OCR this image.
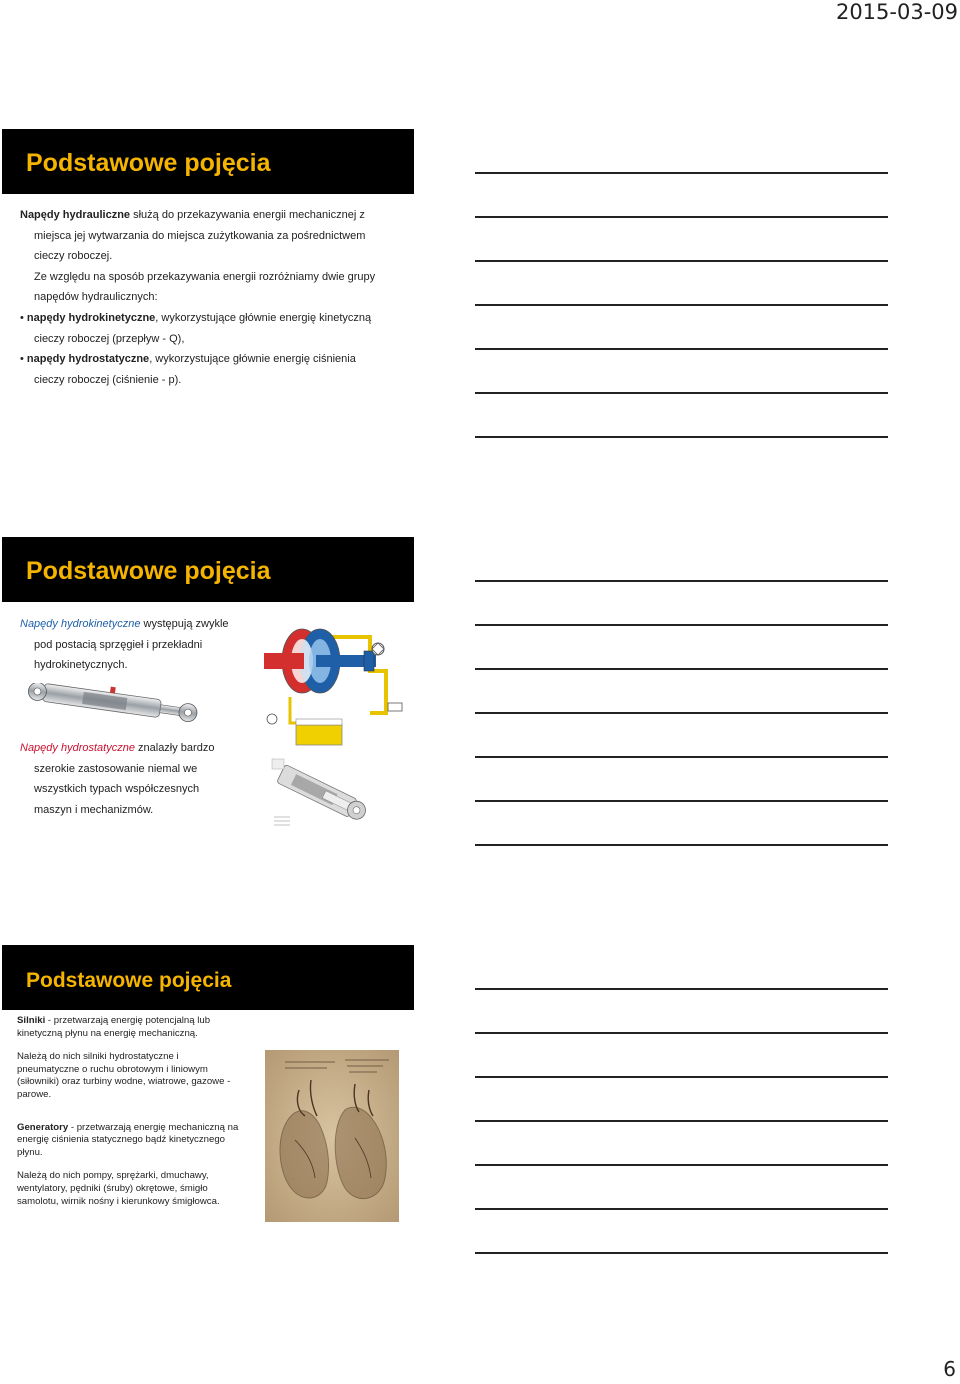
2015-03-09
Podstawowe pojęcia
Napędy hydrauliczne służą do przekazywania energii mechanicznej z
miejsca jej wytwarzania do miejsca zużytkowania za pośrednictwem
cieczy roboczej.
Ze względu na sposób przekazywania energii rozróżniamy dwie grupy
napędów hydraulicznych:
• napędy hydrokinetyczne, wykorzystujące głównie energię kinetyczną
cieczy roboczej (przepływ - Q),
• napędy hydrostatyczne, wykorzystujące głównie energię ciśnienia
cieczy roboczej (ciśnienie - p).
Podstawowe pojęcia
Napędy hydrokinetyczne występują zwykle
pod postacią sprzęgieł i przekładni
hydrokinetycznych.
Napędy hydrostatyczne znalazły bardzo
szerokie zastosowanie niemal we
wszystkich typach współczesnych
maszyn i mechanizmów.
Podstawowe pojęcia
Silniki - przetwarzają energię potencjalną lub
kinetyczną płynu na energię mechaniczną.
Należą do nich silniki hydrostatyczne i
pneumatyczne o ruchu obrotowym i liniowym
(siłowniki) oraz turbiny wodne, wiatrowe, gazowe -
parowe.
Generatory - przetwarzają energię mechaniczną na
energię ciśnienia statycznego bądź kinetycznego
płynu.
Należą do nich pompy, sprężarki, dmuchawy,
wentylatory, pędniki (śruby) okrętowe, śmigło
samolotu, wirnik nośny i kierunkowy śmigłowca.
6
